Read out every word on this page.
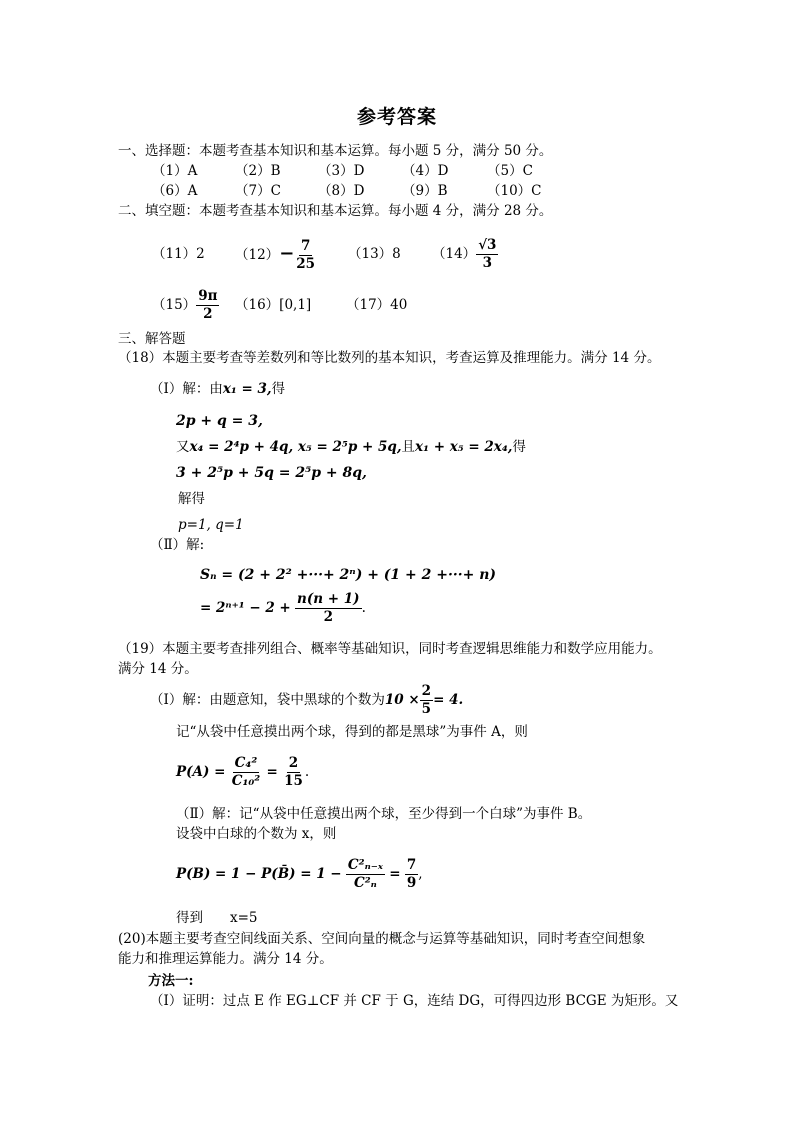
参考答案
一、选择题：本题考查基本知识和基本运算。每小题 5 分，满分 50 分。
（1）A	（2）B	（3）D	（4）D	（5）C
（6）A	（7）C	（8）D	（9）B	（10）C
二、填空题：本题考查基本知识和基本运算。每小题 4 分，满分 28 分。
（11）2 $(12)- \frac{7}{25} (13)8$ $(14) \frac{√3}{3}$
$(15) \frac{9\pi}{2} (16)[0,1]$	（17）40
三、解答题
（18）本题主要考查等差数列和等比数列的基本知识，考查运算及推理能力。满分 14 分。
（Ⅰ）解：由x₁ = 3,得
2p + q = 3,
又x₄ = 2⁴p + 4q, x₅ = 2⁵p + 5q,且x₁ + x₅ = 2x₄,得
3 + 2⁵p + 5q = 2⁵p + 8q,
解得
p=1, q=1
（Ⅱ）解:
Sₙ = (2 + 2² +···+ 2ⁿ) + (1 + 2 +···+ n)
= $2^{n+1} - 2 + \frac{n(n + 1)}{2}$ .
（19）本题主要考查排列组合、概率等基础知识，同时考查逻辑思维能力和数学应用能力。
满分 14 分。
（Ⅰ）解：由题意知，袋中黑球的个数为$10 \times \frac{2}{5} = 4$.
记“从袋中任意摸出两个球，得到的都是黑球”为事件 A，则
$P(A) = \frac{\text{C₄²}}{\text{C₁₀²}} = \frac{2}{15}$ .
（Ⅱ）解：记“从袋中任意摸出两个球，至少得到一个白球”为事件 B。
设袋中白球的个数为 x，则
P(B) = 1 − P(B̄) = $1 - \frac{\text{C²ₙ₋ₓ}}{\text{C²ₙ}} = \frac{7}{9}$ ,
得到　　x=5
(20)本题主要考查空间线面关系、空间向量的概念与运算等基础知识，同时考查空间想象
能力和推理运算能力。满分 14 分。
方法一:
（Ⅰ）证明：过点 E 作 EG⊥CF 并 CF 于 G，连结 DG，可得四边形 BCGE 为矩形。又
